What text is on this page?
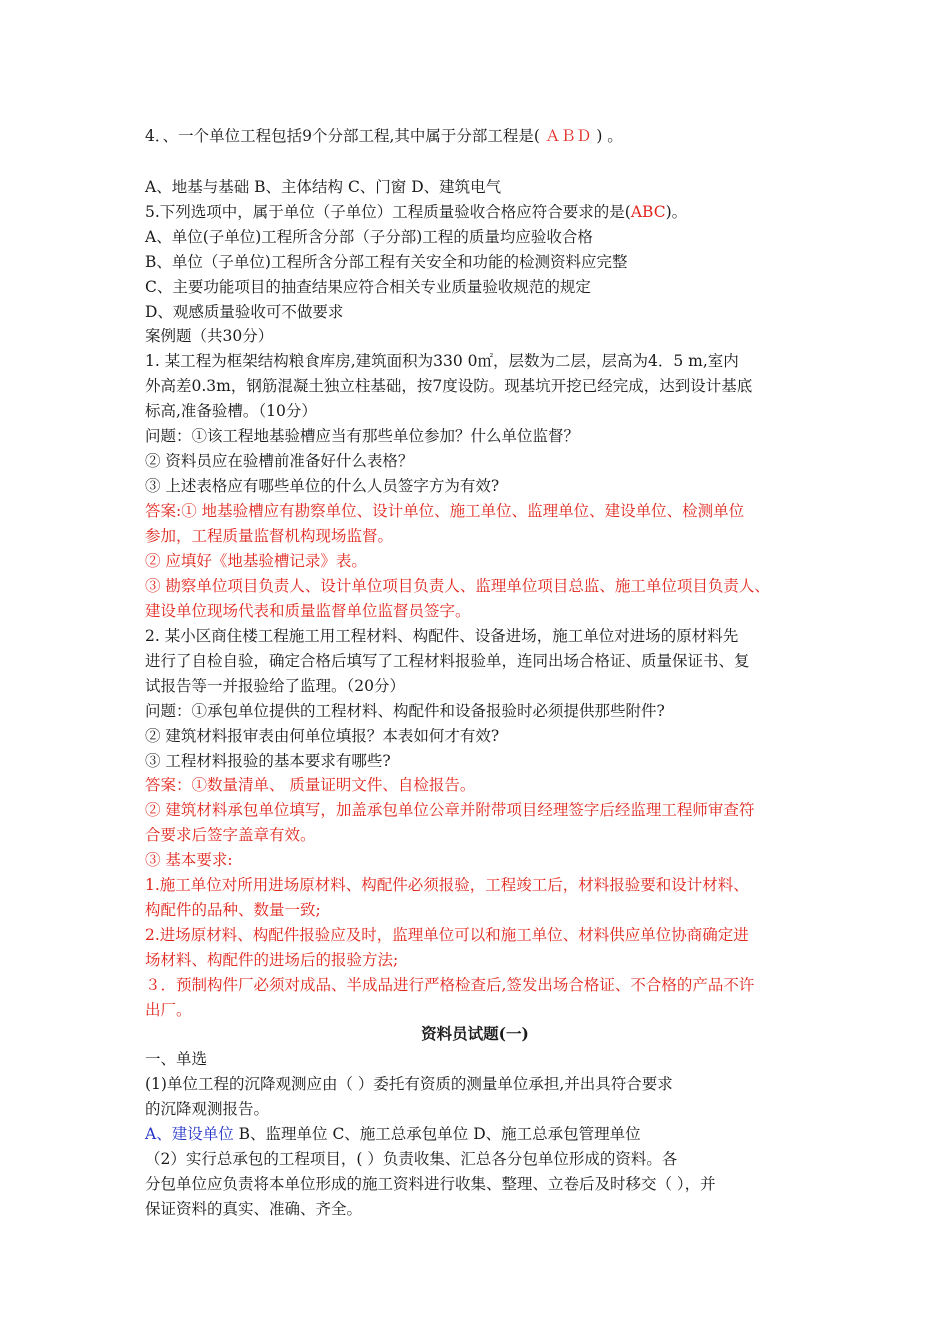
4．、一个单位工程包括9个分部工程,其中属于分部工程是( ＡＢＤ ) 。
A、地基与基础 B、主体结构 C、门窗 D、建筑电气
5.下列选项中，属于单位（子单位）工程质量验收合格应符合要求的是(ABC)。
A、单位(子单位)工程所含分部（子分部)工程的质量均应验收合格
B、单位（子单位)工程所含分部工程有关安全和功能的检测资料应完整
C、主要功能项目的抽查结果应符合相关专业质量验收规范的规定
D、观感质量验收可不做要求
案例题（共30分）
1. 某工程为框架结构粮食库房,建筑面积为330 0㎡，层数为二层，层高为4．5 m,室内
外高差0.3m，钢筋混凝土独立柱基础，按7度设防。现基坑开挖已经完成，达到设计基底
标高,准备验槽。（10分）
问题：①该工程地基验槽应当有那些单位参加？什么单位监督？
② 资料员应在验槽前准备好什么表格？
③ 上述表格应有哪些单位的什么人员签字方为有效?
答案:① 地基验槽应有勘察单位、设计单位、施工单位、监理单位、建设单位、检测单位
参加，工程质量监督机构现场监督。
② 应填好《地基验槽记录》表。
③ 勘察单位项目负责人、设计单位项目负责人、监理单位项目总监、施工单位项目负责人、
建设单位现场代表和质量监督单位监督员签字。
2. 某小区商住楼工程施工用工程材料、构配件、设备进场，施工单位对进场的原材料先
进行了自检自验，确定合格后填写了工程材料报验单，连同出场合格证、质量保证书、复
试报告等一并报验给了监理。（20分）
问题：①承包单位提供的工程材料、构配件和设备报验时必须提供那些附件?
② 建筑材料报审表由何单位填报？本表如何才有效?
③ 工程材料报验的基本要求有哪些?
答案：①数量清单、 质量证明文件、自检报告。
② 建筑材料承包单位填写，加盖承包单位公章并附带项目经理签字后经监理工程师审查符
合要求后签字盖章有效。
③ 基本要求:
1.施工单位对所用进场原材料、构配件必须报验，工程竣工后，材料报验要和设计材料、
构配件的品种、数量一致;
2.进场原材料、构配件报验应及时，监理单位可以和施工单位、材料供应单位协商确定进
场材料、构配件的进场后的报验方法;
３．预制构件厂必须对成品、半成品进行严格检查后,签发出场合格证、不合格的产品不许
出厂。
资料员试题(一)
一、单选
(1)单位工程的沉降观测应由（ ）委托有资质的测量单位承担,并出具符合要求
的沉降观测报告。
A、建设单位 B、监理单位 C、施工总承包单位 D、施工总承包管理单位
（2）实行总承包的工程项目，( ）负责收集、汇总各分包单位形成的资料。各
分包单位应负责将本单位形成的施工资料进行收集、整理、立卷后及时移交（ ），并
保证资料的真实、准确、齐全。
